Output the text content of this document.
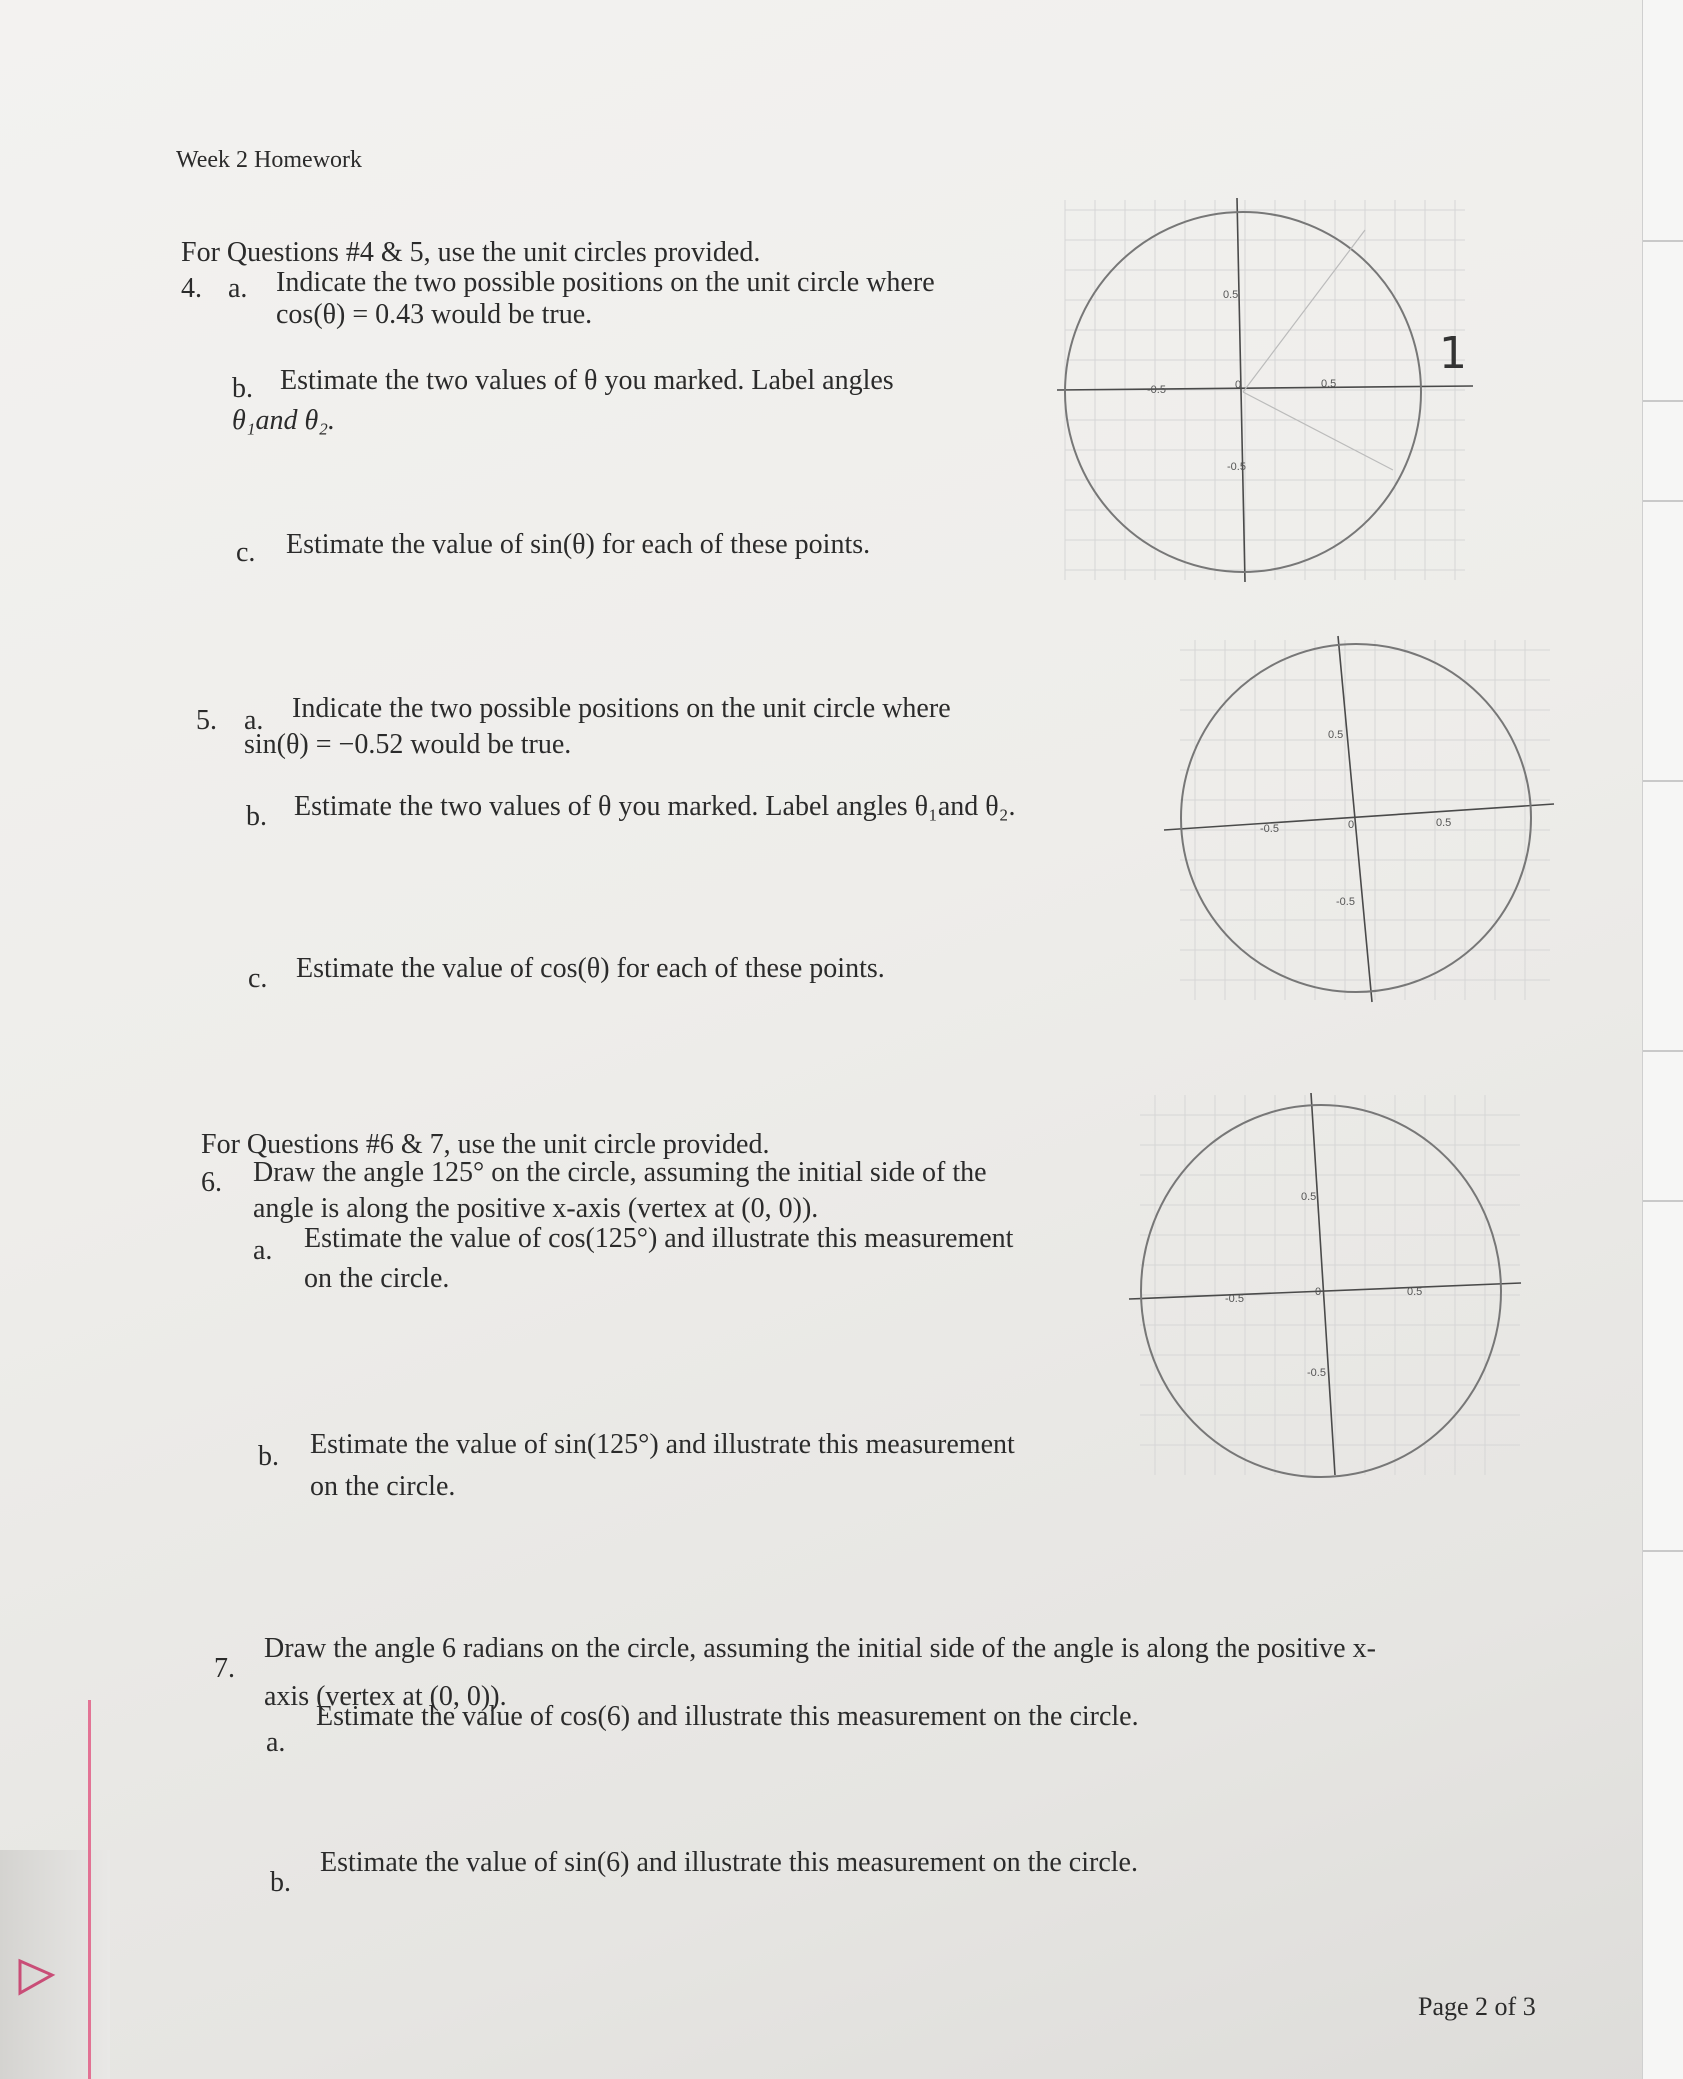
Week 2 Homework
For Questions #4 & 5, use the unit circles provided.
4. a. Indicate the two possible positions on the unit circle where
cos(θ) = 0.43 would be true.
b. Estimate the two values of θ you marked. Label angles
θ₁and θ₂.
c. Estimate the value of sin(θ) for each of these points.
5. a. Indicate the two possible positions on the unit circle where
sin(θ) = −0.52 would be true.
b. Estimate the two values of θ you marked. Label angles θ₁and θ₂.
c. Estimate the value of cos(θ) for each of these points.
For Questions #6 & 7, use the unit circle provided.
6. Draw the angle 125° on the circle, assuming the initial side of the
angle is along the positive x-axis (vertex at (0, 0)).
a. Estimate the value of cos(125°) and illustrate this measurement
on the circle.
b. Estimate the value of sin(125°) and illustrate this measurement
on the circle.
7.
Draw the angle 6 radians on the circle, assuming the initial side of the angle is along the positive x-
axis (vertex at (0, 0)).
a.
Estimate the value of cos(6) and illustrate this measurement on the circle.
b.
Estimate the value of sin(6) and illustrate this measurement on the circle.
Page 2 of 3
-0.5	0.5
0.5
-0.5
0
1
-0.5	0.5
0.5
-0.5
0
-0.5
0.5
0.5
-0.5
0
